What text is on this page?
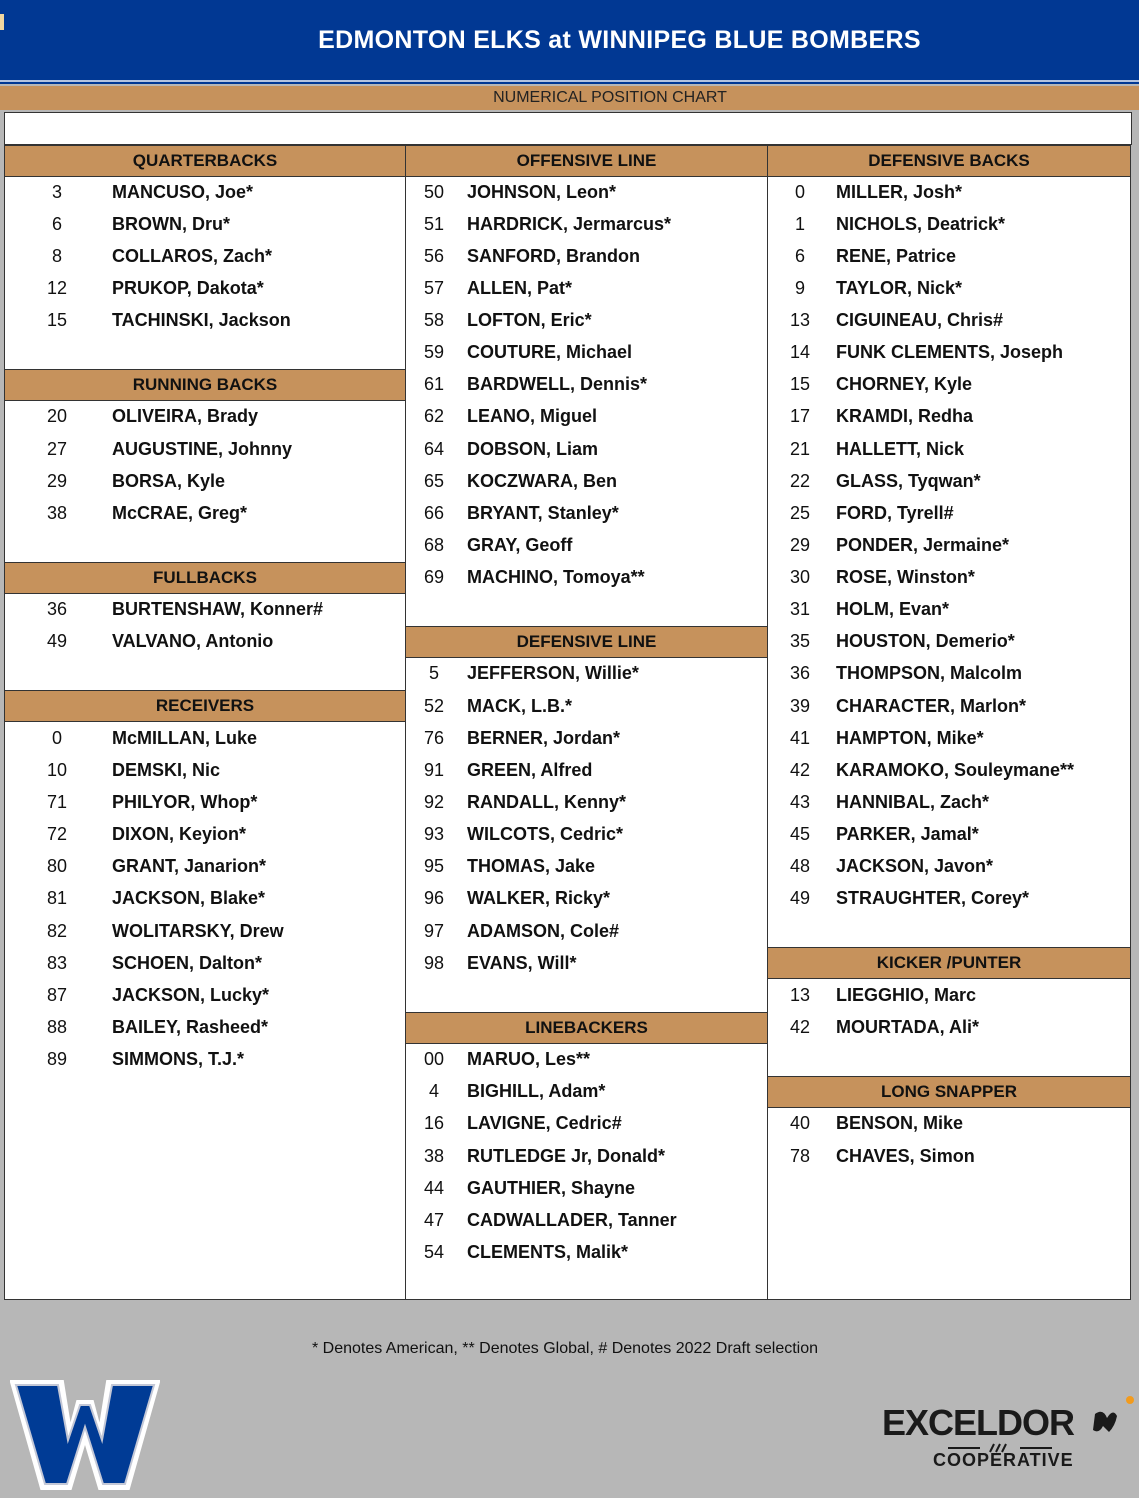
EDMONTON ELKS at WINNIPEG BLUE BOMBERS
NUMERICAL POSITION CHART
QUARTERBACKS
3	MANCUSO, Joe*
6	BROWN, Dru*
8	COLLAROS, Zach*
12	PRUKOP, Dakota*
15	TACHINSKI, Jackson
RUNNING BACKS
20	OLIVEIRA, Brady
27	AUGUSTINE, Johnny
29	BORSA, Kyle
38	McCRAE, Greg*
FULLBACKS
36	BURTENSHAW, Konner#
49	VALVANO, Antonio
RECEIVERS
0	McMILLAN, Luke
10	DEMSKI, Nic
71	PHILYOR, Whop*
72	DIXON, Keyion*
80	GRANT, Janarion*
81	JACKSON, Blake*
82	WOLITARSKY, Drew
83	SCHOEN, Dalton*
87	JACKSON, Lucky*
88	BAILEY, Rasheed*
89	SIMMONS, T.J.*
OFFENSIVE LINE
50	JOHNSON, Leon*
51	HARDRICK, Jermarcus*
56	SANFORD, Brandon
57	ALLEN, Pat*
58	LOFTON, Eric*
59	COUTURE, Michael
61	BARDWELL, Dennis*
62	LEANO, Miguel
64	DOBSON, Liam
65	KOCZWARA, Ben
66	BRYANT, Stanley*
68	GRAY, Geoff
69	MACHINO, Tomoya**
DEFENSIVE LINE
5	JEFFERSON, Willie*
52	MACK, L.B.*
76	BERNER, Jordan*
91	GREEN, Alfred
92	RANDALL, Kenny*
93	WILCOTS, Cedric*
95	THOMAS, Jake
96	WALKER, Ricky*
97	ADAMSON, Cole#
98	EVANS, Will*
LINEBACKERS
00	MARUO, Les**
4	BIGHILL, Adam*
16	LAVIGNE, Cedric#
38	RUTLEDGE Jr, Donald*
44	GAUTHIER, Shayne
47	CADWALLADER, Tanner
54	CLEMENTS, Malik*
DEFENSIVE BACKS
0	MILLER, Josh*
1	NICHOLS, Deatrick*
6	RENE, Patrice
9	TAYLOR, Nick*
13	CIGUINEAU, Chris#
14	FUNK CLEMENTS, Joseph
15	CHORNEY, Kyle
17	KRAMDI, Redha
21	HALLETT, Nick
22	GLASS, Tyqwan*
25	FORD, Tyrell#
29	PONDER, Jermaine*
30	ROSE, Winston*
31	HOLM, Evan*
35	HOUSTON, Demerio*
36	THOMPSON, Malcolm
39	CHARACTER, Marlon*
41	HAMPTON, Mike*
42	KARAMOKO, Souleymane**
43	HANNIBAL, Zach*
45	PARKER, Jamal*
48	JACKSON, Javon*
49	STRAUGHTER, Corey*
KICKER /PUNTER
13	LIEGGHIO, Marc
42	MOURTADA, Ali*
LONG SNAPPER
40	BENSON, Mike
78	CHAVES, Simon
* Denotes American, ** Denotes Global, # Denotes 2022 Draft selection
EXCELDOR
COOPERATIVE
